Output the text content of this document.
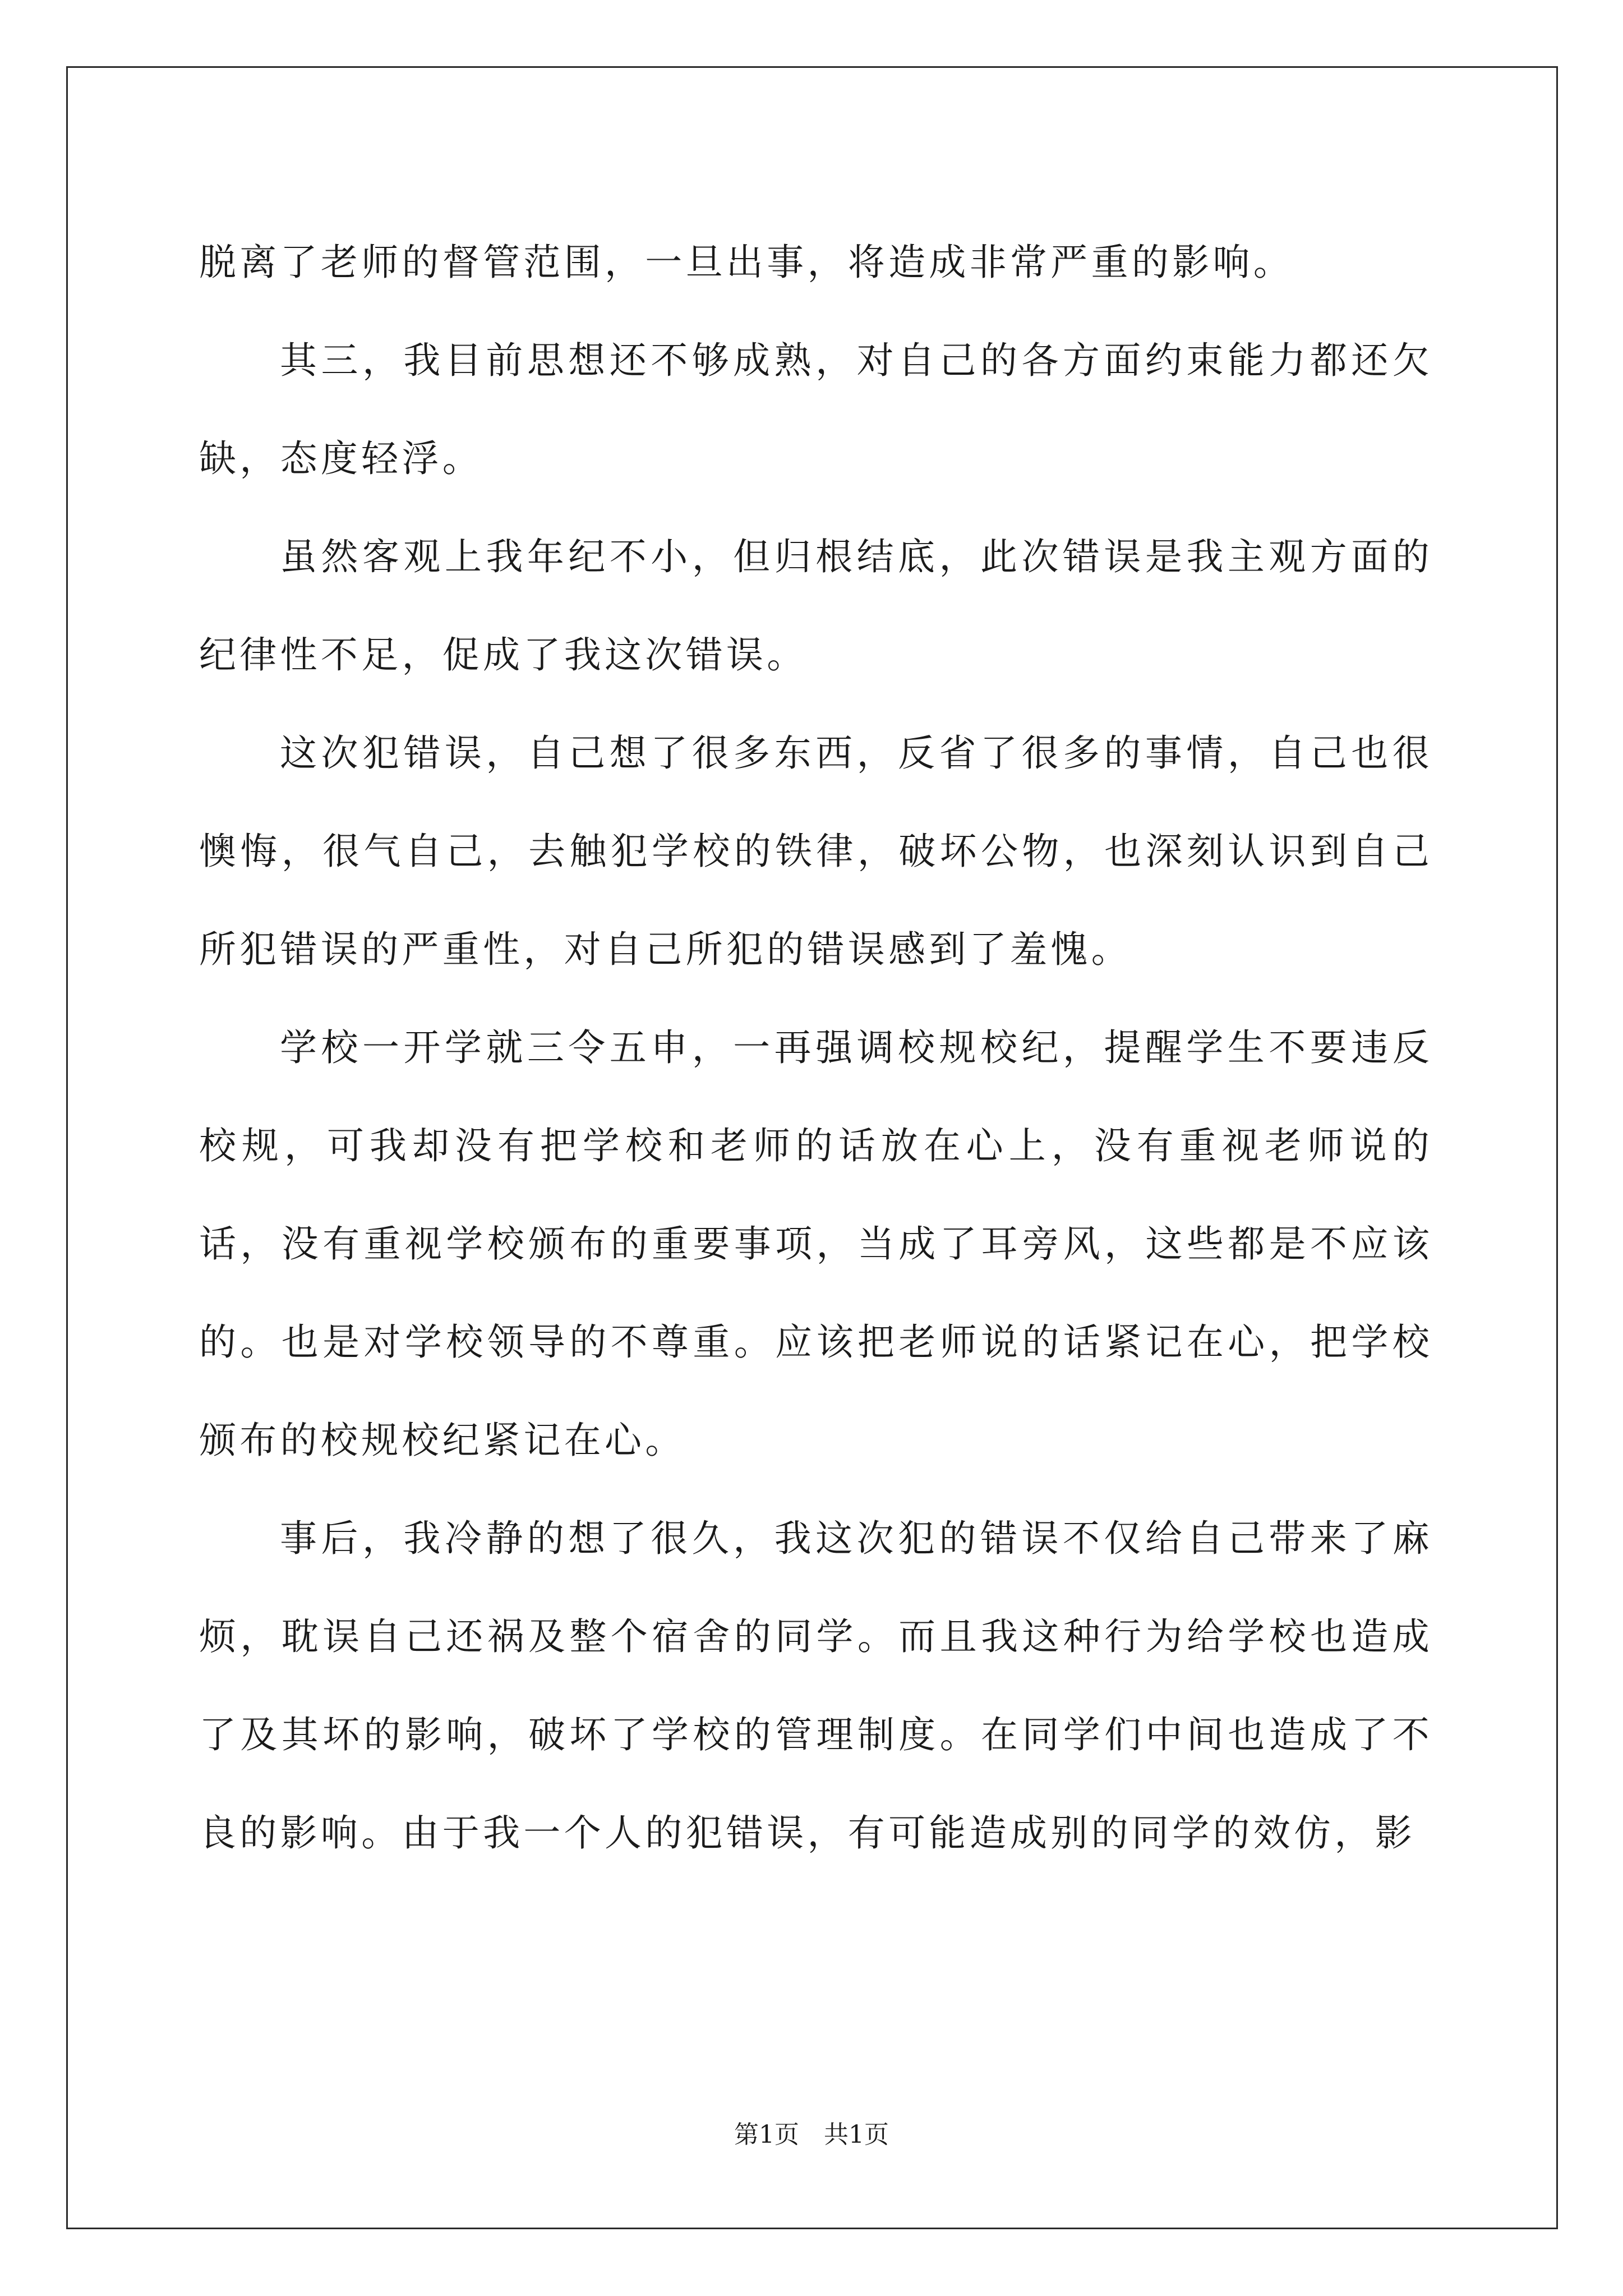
脱离了老师的督管范围，一旦出事，将造成非常严重的影响。

其三，我目前思想还不够成熟，对自己的各方面约束能力都还欠缺，态度轻浮。

虽然客观上我年纪不小，但归根结底，此次错误是我主观方面的纪律性不足，促成了我这次错误。

这次犯错误，自己想了很多东西，反省了很多的事情，自己也很懊悔，很气自己，去触犯学校的铁律，破坏公物，也深刻认识到自己所犯错误的严重性，对自己所犯的错误感到了羞愧。

学校一开学就三令五申，一再强调校规校纪，提醒学生不要违反校规，可我却没有把学校和老师的话放在心上，没有重视老师说的话，没有重视学校颁布的重要事项，当成了耳旁风，这些都是不应该的。也是对学校领导的不尊重。应该把老师说的话紧记在心，把学校颁布的校规校纪紧记在心。

事后，我冷静的想了很久，我这次犯的错误不仅给自己带来了麻烦，耽误自己还祸及整个宿舍的同学。而且我这种行为给学校也造成了及其坏的影响，破坏了学校的管理制度。在同学们中间也造成了不良的影响。由于我一个人的犯错误，有可能造成别的同学的效仿，影

第1页　共1页
